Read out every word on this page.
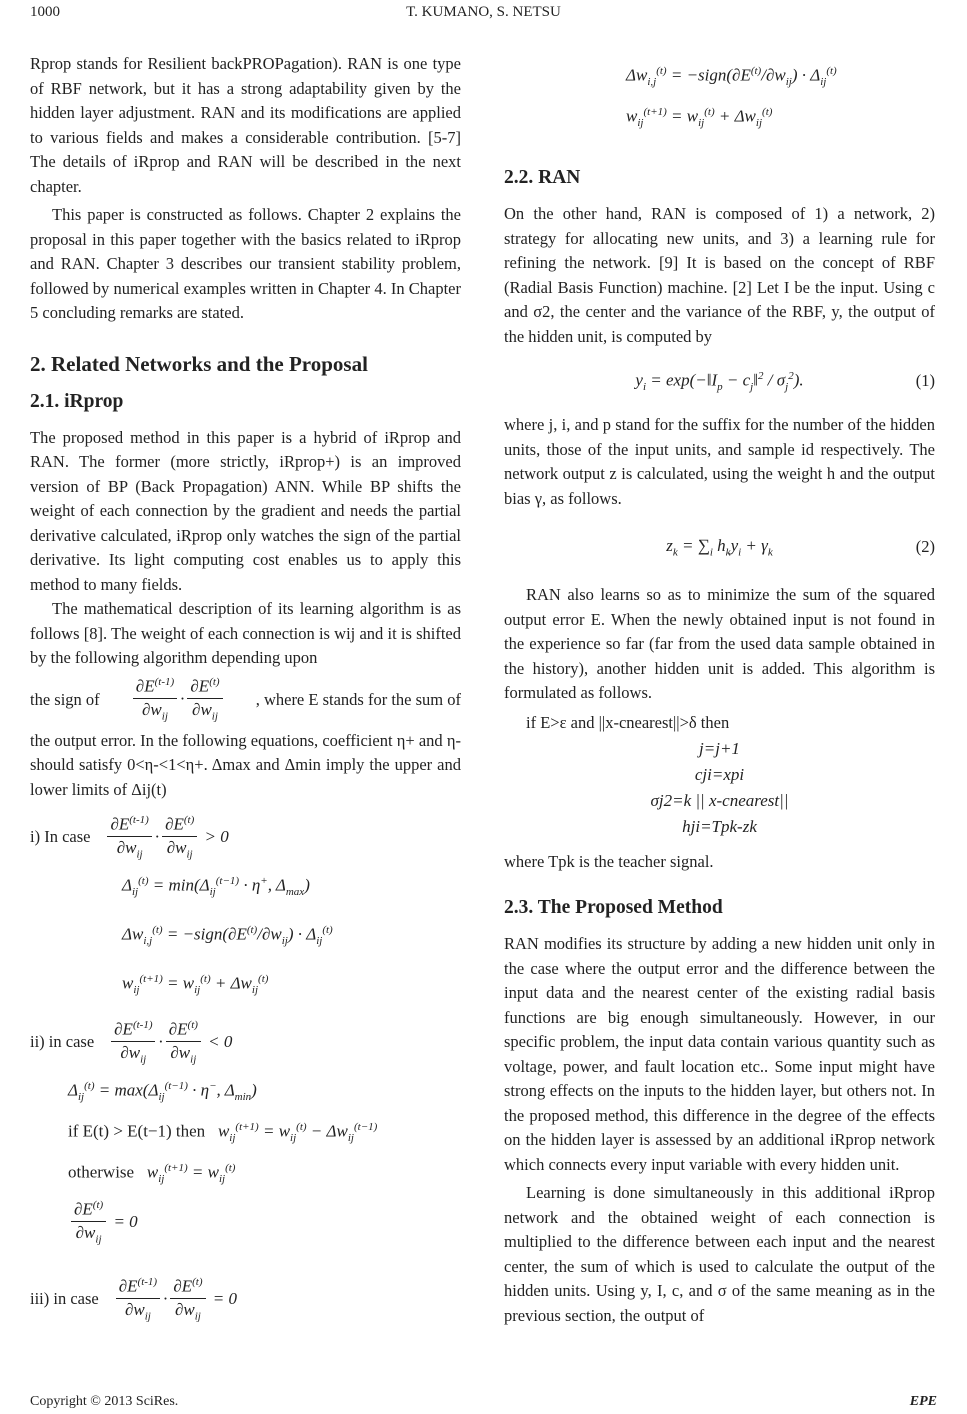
1000	T. KUMANO, S. NETSU

Rprop stands for Resilient backPROPagation). RAN is one type of RBF network, but it has a strong adaptability given by the hidden layer adjustment. RAN and its modifications are applied to various fields and makes a considerable contribution. [5-7] The details of iRprop and RAN will be described in the next chapter.

This paper is constructed as follows. Chapter 2 explains the proposal in this paper together with the basics related to iRprop and RAN. Chapter 3 describes our transient stability problem, followed by numerical examples written in Chapter 4. In Chapter 5 concluding remarks are stated.

2. Related Networks and the Proposal
2.1. iRprop

The proposed method in this paper is a hybrid of iRprop and RAN. The former (more strictly, iRprop+) is an improved version of BP (Back Propagation) ANN. While BP shifts the weight of each connection by the gradient and needs the partial derivative calculated, iRprop only watches the sign of the partial derivative. Its light computing cost enables us to apply this method to many fields.

The mathematical description of its learning algorithm is as follows [8]. The weight of each connection is wij and it is shifted by the following algorithm depending upon

the sign of $\frac{\partial E^{(t-1)}}{\partial w_{ij}} \cdot \frac{\partial E^{(t)}}{\partial w_{ij}}$ , where E stands for the sum of

the output error. In the following equations, coefficient η+ and η- should satisfy 0<η-<1<η+. Δmax and Δmin imply the upper and lower limits of Δij(t)

i) In case $\frac{\partial E^{(t-1)}}{\partial w_{ij}} \cdot \frac{\partial E^{(t)}}{\partial w_{ij}} > 0$
$\Delta_{ij}^{(t)} = \min(\Delta_{ij}^{(t-1)} \cdot \eta^+$, $\Delta_{max}$)
$\Delta w_{i,j}^{(t)}$ = $-sign(\partial E^{(t)}/\partial w_{ij}) \cdot \Delta_{ij}^{(t)}$
$w_{ij}^{(t+1)} = w_{ij}^{(t)} + \Delta w_{ij}^{(t)}$
ii) in case $\frac{\partial E^{(t-1)}}{\partial w_{ij}} \cdot \frac{\partial E^{(t)}}{\partial w_{ij}} < 0$
$\Delta_{ij}^{(t)} = \max(\Delta_{ij}^{(t-1)} \cdot \eta^-$, $\Delta_{min}$)
if E(t) > E(t−1) then   $w_{ij}^{(t+1)} = w_{ij}^{(t)} - \Delta w_{ij}^{(t-1)}$
otherwise   $w_{ij}^{(t+1)} = w_{ij}^{(t)}$
$\frac{\partial E^{(t)}}{\partial w_{ij}} = 0$
iii) in case $\frac{\partial E^{(t-1)}}{\partial w_{ij}} \cdot \frac{\partial E^{(t)}}{\partial w_{ij}} = 0$
$\Delta w_{i,j}^{(t)}$ = $-sign(\partial E^{(t)}/\partial w_{ij}) \cdot \Delta_{ij}^{(t)}$
$w_{ij}^{(t+1)} = w_{ij}^{(t)} + \Delta w_{ij}^{(t)}$
2.2. RAN

On the other hand, RAN is composed of 1) a network, 2) strategy for allocating new units, and 3) a learning rule for refining the network. [9] It is based on the concept of RBF (Radial Basis Function) machine. [2] Let I be the input. Using c and σ2, the center and the variance of the RBF, y, the output of the hidden unit, is computed by

$y_i$ = $\exp(-‖I_p$ − $c_j‖^2 / \sigma_j^2$).	(1)

where j, i, and p stand for the suffix for the number of the hidden units, those of the input units, and sample id respectively. The network output z is calculated, using the weight h and the output bias γ, as follows.

$z_k = \sum_i$ $h_ky_i + \gamma_k$	(2)

RAN also learns so as to minimize the sum of the squared output error E. When the newly obtained input is not found in the experience so far (far from the used data sample obtained in the history), another hidden unit is added. This algorithm is formulated as follows.

if E>ε and ||x-cnearest||>δ then
j=j+1
cji=xpi
σj2=k || x-cnearest||
hji=Tpk-zk

where Tpk is the teacher signal.

2.3. The Proposed Method

RAN modifies its structure by adding a new hidden unit only in the case where the output error and the difference between the input data and the nearest center of the existing radial basis functions are big enough simultaneously. However, in our specific problem, the input data contain various quantity such as voltage, power, and fault location etc.. Some input might have strong effects on the inputs to the hidden layer, but others not. In the proposed method, this difference in the degree of the effects on the hidden layer is assessed by an additional iRprop network which connects every input variable with every hidden unit.

Learning is done simultaneously in this additional iRprop network and the obtained weight of each connection is multiplied to the difference between each input and the nearest center, the sum of which is used to calculate the output of the hidden units. Using y, I, c, and σ of the same meaning as in the previous section, the output of

Copyright © 2013 SciRes.	EPE
